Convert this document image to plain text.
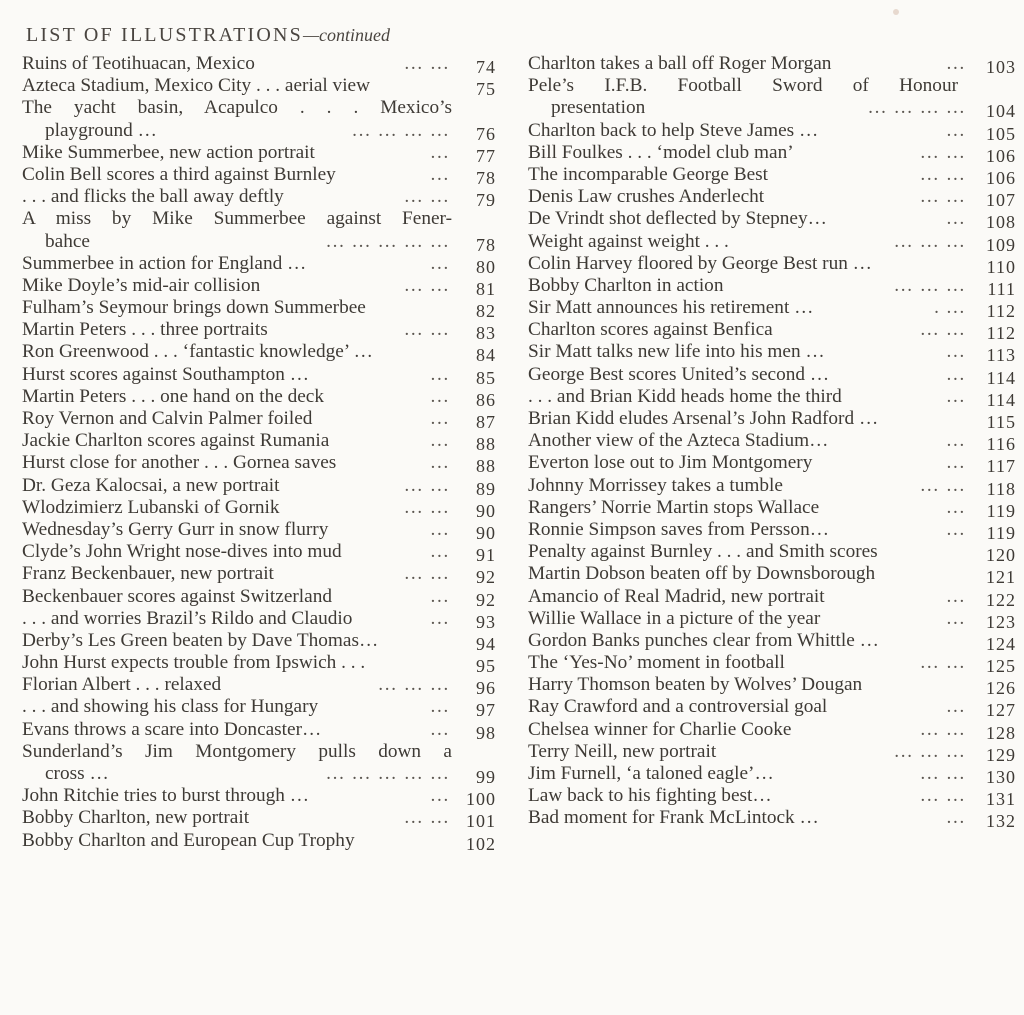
LIST OF ILLUSTRATIONS—continued
Ruins of Teotihuacan, Mexico	… …	74
Azteca Stadium, Mexico City . . . aerial view	75
The yacht basin, Acapulco . . . Mexico’s
playground …	… … … …	76
Mike Summerbee, new action portrait	…	77
Colin Bell scores a third against Burnley	…	78
. . . and flicks the ball away deftly	… …	79
A miss by Mike Summerbee against Fener-
bahce	… … … … …	78
Summerbee in action for England …	…	80
Mike Doyle’s mid-air collision	… …	81
Fulham’s Seymour brings down Summerbee	82
Martin Peters . . . three portraits	… …	83
Ron Greenwood . . . ‘fantastic knowledge’ …	84
Hurst scores against Southampton …	…	85
Martin Peters . . . one hand on the deck	…	86
Roy Vernon and Calvin Palmer foiled	…	87
Jackie Charlton scores against Rumania	…	88
Hurst close for another . . . Gornea saves	…	88
Dr. Geza Kalocsai, a new portrait	… …	89
Wlodzimierz Lubanski of Gornik	… …	90
Wednesday’s Gerry Gurr in snow flurry	…	90
Clyde’s John Wright nose-dives into mud	…	91
Franz Beckenbauer, new portrait	… …	92
Beckenbauer scores against Switzerland	…	92
. . . and worries Brazil’s Rildo and Claudio	…	93
Derby’s Les Green beaten by Dave Thomas…	94
John Hurst expects trouble from Ipswich . . .	95
Florian Albert . . . relaxed	… … …	96
. . . and showing his class for Hungary	…	97
Evans throws a scare into Doncaster…	…	98
Sunderland’s Jim Montgomery pulls down a
cross …	… … … … …	99
John Ritchie tries to burst through …	… 100
Bobby Charlton, new portrait	… … 101
Bobby Charlton and European Cup Trophy	102
Charlton takes a ball off Roger Morgan	…	103
Pele’s I.F.B. Football Sword of Honour
presentation	… … … …	104
Charlton back to help Steve James …	…	105
Bill Foulkes . . . ‘model club man’	… …	106
The incomparable George Best	… …	106
Denis Law crushes Anderlecht	… …	107
De Vrindt shot deflected by Stepney…	…	108
Weight against weight . . .	… … …	109
Colin Harvey floored by George Best run …	110
Bobby Charlton in action	… … …	111
Sir Matt announces his retirement …	. …	112
Charlton scores against Benfica	… …	112
Sir Matt talks new life into his men …	…	113
George Best scores United’s second …	…	114
. . . and Brian Kidd heads home the third	…	114
Brian Kidd eludes Arsenal’s John Radford …	115
Another view of the Azteca Stadium…	…	116
Everton lose out to Jim Montgomery	…	117
Johnny Morrissey takes a tumble	… …	118
Rangers’ Norrie Martin stops Wallace	…	119
Ronnie Simpson saves from Persson…	…	119
Penalty against Burnley . . . and Smith scores	120
Martin Dobson beaten off by Downsborough	121
Amancio of Real Madrid, new portrait	…	122
Willie Wallace in a picture of the year	…	123
Gordon Banks punches clear from Whittle …	124
The ‘Yes-No’ moment in football	… …	125
Harry Thomson beaten by Wolves’ Dougan	126
Ray Crawford and a controversial goal	…	127
Chelsea winner for Charlie Cooke	… …	128
Terry Neill, new portrait	… … …	129
Jim Furnell, ‘a taloned eagle’…	… …	130
Law back to his fighting best…	… …	131
Bad moment for Frank McLintock …	…	132
